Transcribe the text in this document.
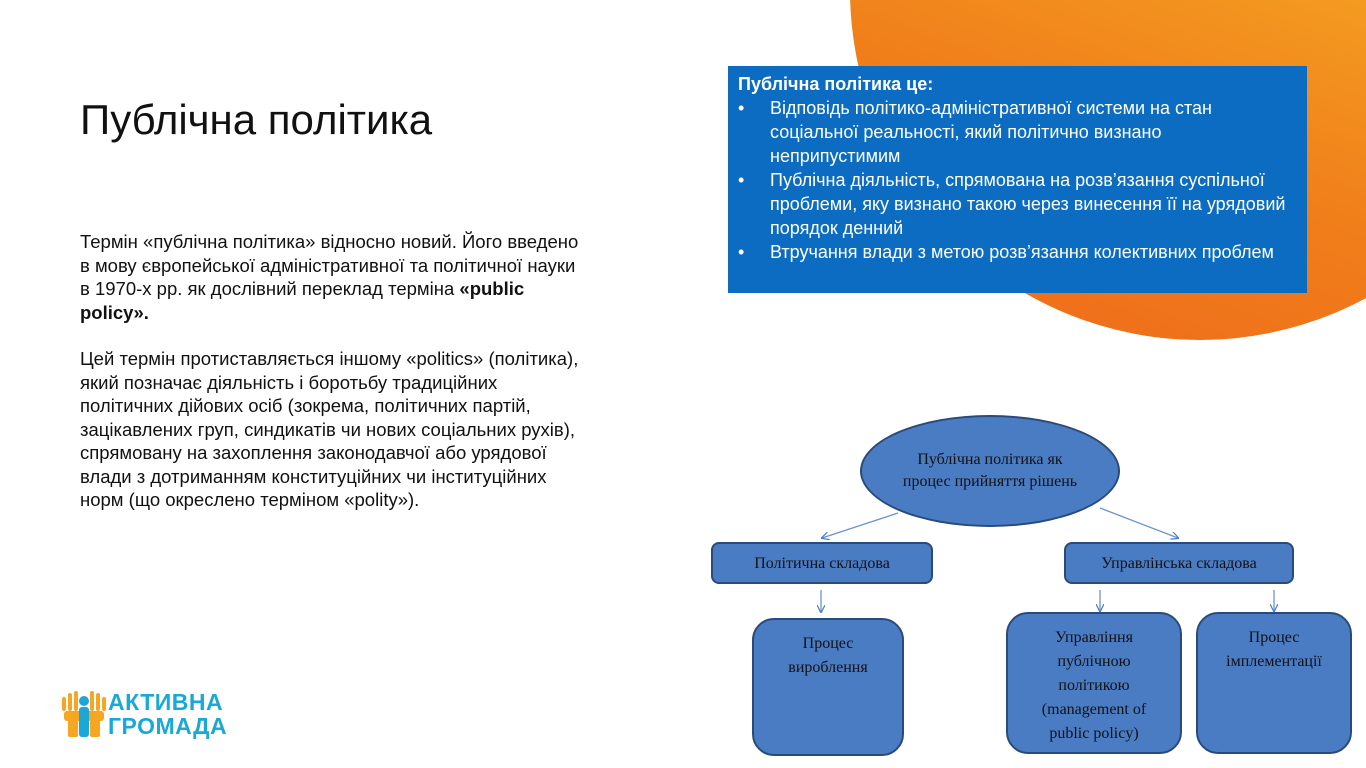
Публічна політика

Термін «публічна політика» відносно новий. Його введено в мову європейської адміністративної та політичної науки в 1970-х рр. як дослівний переклад терміна «public policy».

Цей термін протиставляється іншому «politics» (політика), який позначає діяльність і боротьбу традиційних політичних дійових осіб (зокрема, політичних партій, зацікавлених груп, синдикатів чи нових соціальних рухів), спрямовану на захоплення законодавчої або урядової влади з дотриманням конституційних чи інституційних норм (що окреслено терміном «polity»).

Публічна політика це:
• Відповідь політико-адміністративної системи на стан соціальної реальності, який політично визнано неприпустимим
• Публічна діяльність, спрямована на розв’язання суспільної проблеми, яку визнано такою через винесення її на урядовий порядок денний
• Втручання влади з метою розв’язання колективних проблем
Публічна політика як процес прийняття рішень
Політична складова	Управлінська складова
Процес вироблення
Управління публічною політикою (management of public policy)
Процес імплементації
АКТИВНА
ГРОМАДА
